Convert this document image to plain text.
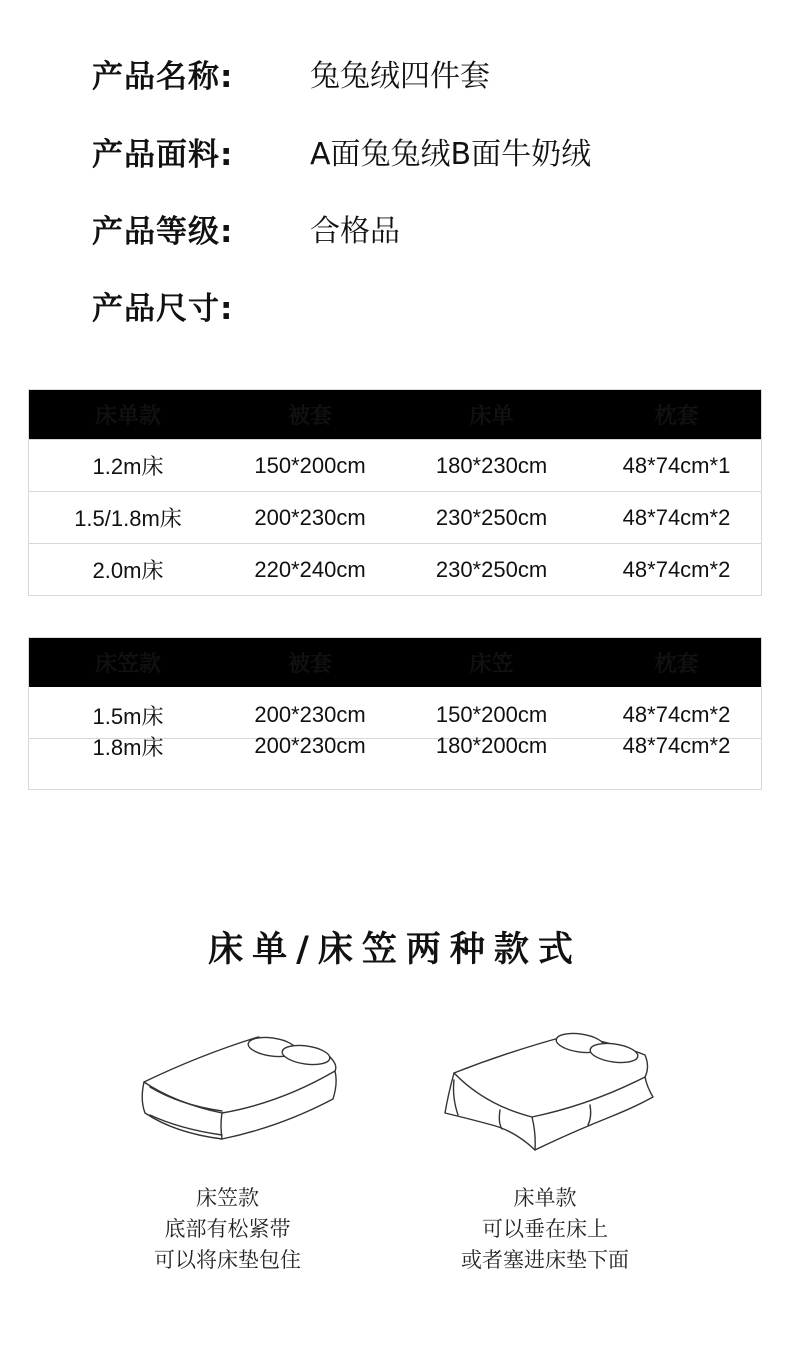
产品名称:	兔兔绒四件套
产品面料:	A面兔兔绒B面牛奶绒
产品等级:	合格品
产品尺寸:
床单款	被套	床单	枕套
1.2m床	150*200cm	180*230cm	48*74cm*1
1.5/1.8m床	200*230cm	230*250cm	48*74cm*2
2.0m床	220*240cm	230*250cm	48*74cm*2
床笠款	被套	床笠	枕套
1.5m床	200*230cm	150*200cm	48*74cm*2
1.8m床	200*230cm	180*200cm	48*74cm*2
床单/床笠两种款式
床笠款
底部有松紧带
可以将床垫包住
床单款
可以垂在床上
或者塞进床垫下面
